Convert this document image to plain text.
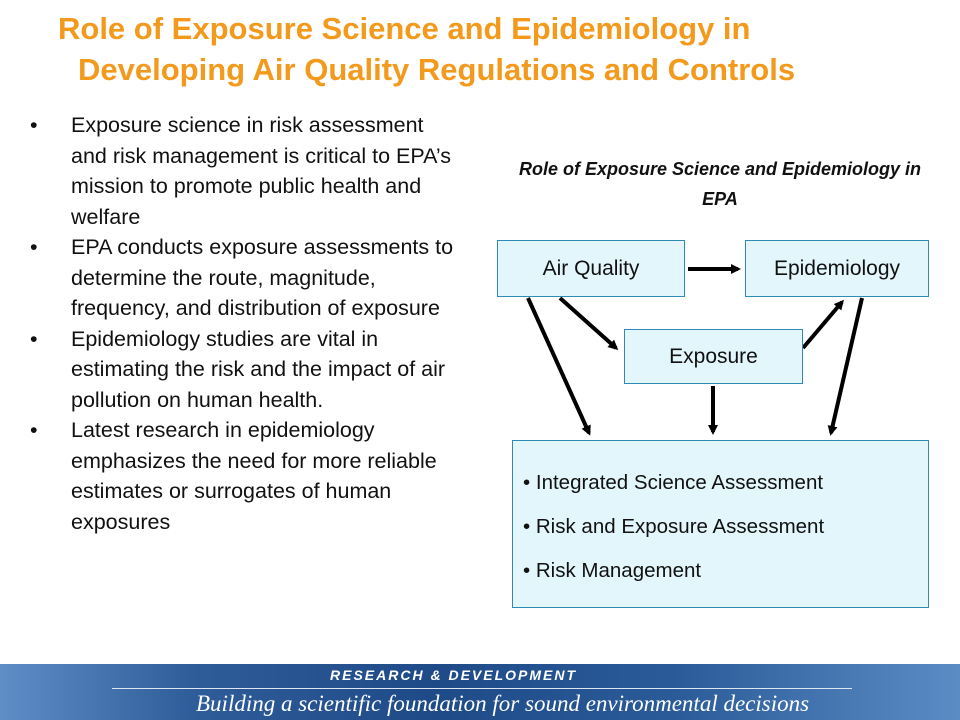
Role of Exposure Science and Epidemiology in
Developing Air Quality Regulations and Controls
• Exposure science in risk assessment and risk management is critical to EPA’s mission to promote public health and welfare
• EPA conducts exposure assessments to determine the route, magnitude, frequency, and distribution of exposure
• Epidemiology studies are vital in estimating the risk and the impact of air pollution on human health.
• Latest research in epidemiology emphasizes the need for more reliable estimates or surrogates of human exposures
Role of Exposure Science and Epidemiology in EPA
Air Quality	Epidemiology
Exposure
• Integrated Science Assessment
• Risk and Exposure Assessment
• Risk Management
RESEARCH & DEVELOPMENT
Building a scientific foundation for sound environmental decisions
